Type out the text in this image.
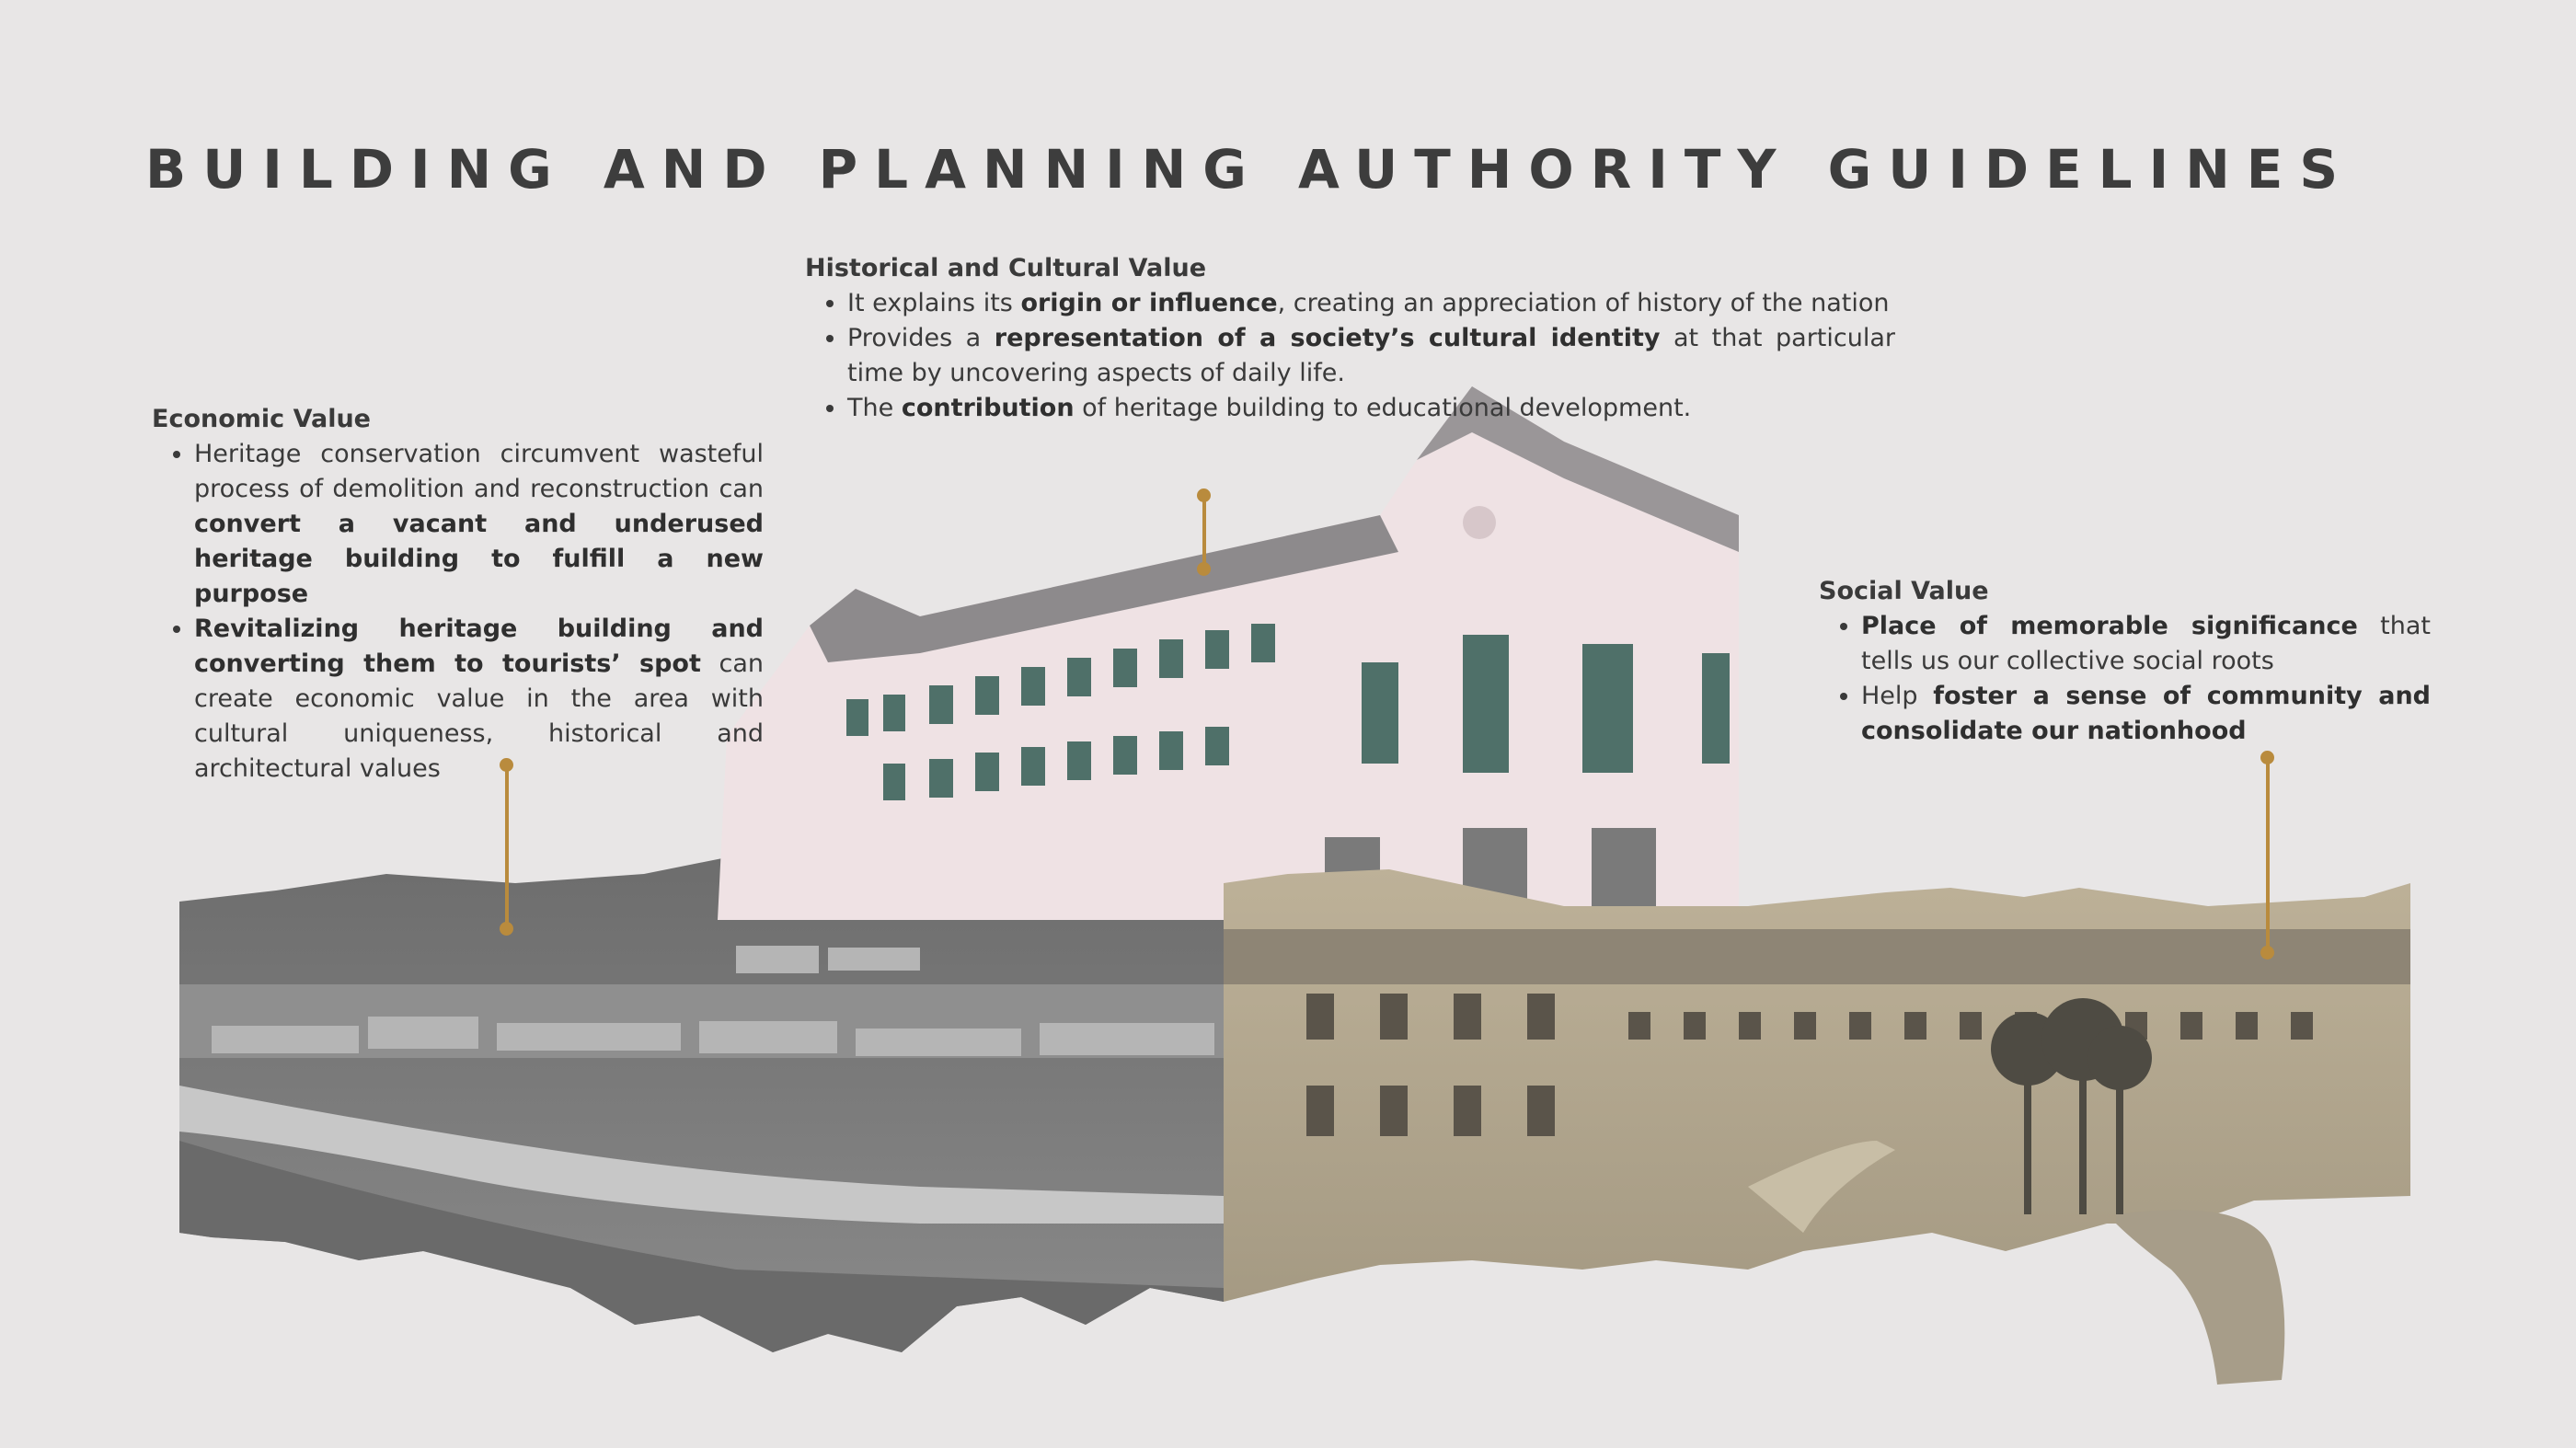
BUILDING AND PLANNING AUTHORITY GUIDELINES
Economic Value
• Heritage conservation circumvent wasteful process of demolition and reconstruction can convert a vacant and underused heritage building to fulfill a new purpose
• Revitalizing heritage building and converting them to tourists’ spot can create economic value in the area with cultural uniqueness, historical and architectural values
Historical and Cultural Value
• It explains its origin or influence, creating an appreciation of history of the nation
• Provides a representation of a society’s cultural identity at that particular time by uncovering aspects of daily life.
• The contribution of heritage building to educational development.
Social Value
• Place of memorable significance that tells us our collective social roots
• Help foster a sense of community and consolidate our nationhood
